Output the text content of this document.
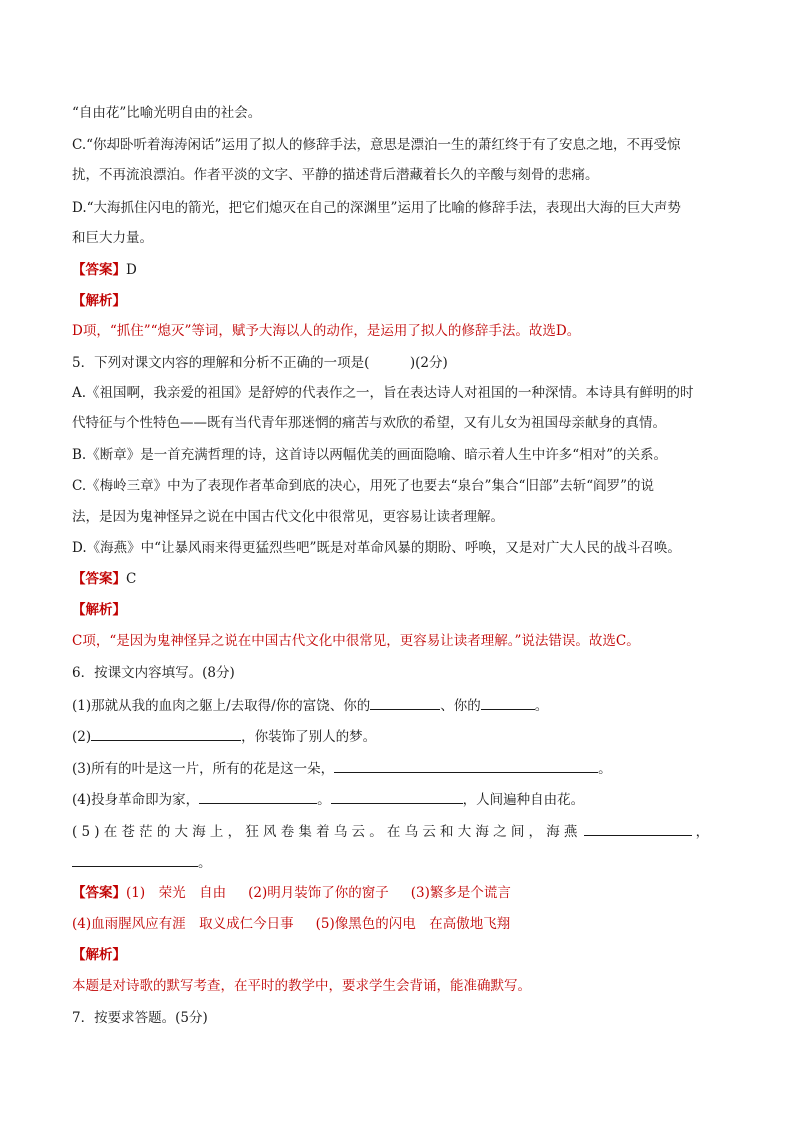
“自由花”比喻光明自由的社会。
C.“你却卧听着海涛闲话”运用了拟人的修辞手法，意思是漂泊一生的萧红终于有了安息之地，不再受惊
扰，不再流浪漂泊。作者平淡的文字、平静的描述背后潜藏着长久的辛酸与刻骨的悲痛。
D.“大海抓住闪电的箭光，把它们熄灭在自己的深渊里”运用了比喻的修辞手法，表现出大海的巨大声势
和巨大力量。
【答案】D
【解析】
D项，“抓住”“熄灭”等词，赋予大海以人的动作，是运用了拟人的修辞手法。故选D。
5．下列对课文内容的理解和分析不正确的一项是(　　　)(2分)
A.《祖国啊，我亲爱的祖国》是舒婷的代表作之一，旨在表达诗人对祖国的一种深情。本诗具有鲜明的时
代特征与个性特色——既有当代青年那迷惘的痛苦与欢欣的希望，又有儿女为祖国母亲献身的真情。
B.《断章》是一首充满哲理的诗，这首诗以两幅优美的画面隐喻、暗示着人生中许多“相对”的关系。
C.《梅岭三章》中为了表现作者革命到底的决心，用死了也要去“泉台”集合“旧部”去斩“阎罗”的说
法，是因为鬼神怪异之说在中国古代文化中很常见，更容易让读者理解。
D.《海燕》中“让暴风雨来得更猛烈些吧”既是对革命风暴的期盼、呼唤，又是对广大人民的战斗召唤。
【答案】C
【解析】
C项，“是因为鬼神怪异之说在中国古代文化中很常见，更容易让读者理解。”说法错误。故选C。
6．按课文内容填写。(8分)
(1)那就从我的血肉之躯上/去取得/你的富饶、你的	、你的	。
(2)	，你装饰了别人的梦。
(3)所有的叶是这一片，所有的花是这一朵，	。
(4)投身革命即为家，	。	，人间遍种自由花。
(5)在苍茫的大海上，狂风卷集着乌云。在乌云和大海之间，海燕	，
。
【答案】(1)　荣光　自由 (2)明月装饰了你的窗子 (3)繁多是个谎言
(4)血雨腥风应有涯　取义成仁今日事 (5)像黑色的闪电　在高傲地飞翔
【解析】
本题是对诗歌的默写考查，在平时的教学中，要求学生会背诵，能准确默写。
7．按要求答题。(5分)
